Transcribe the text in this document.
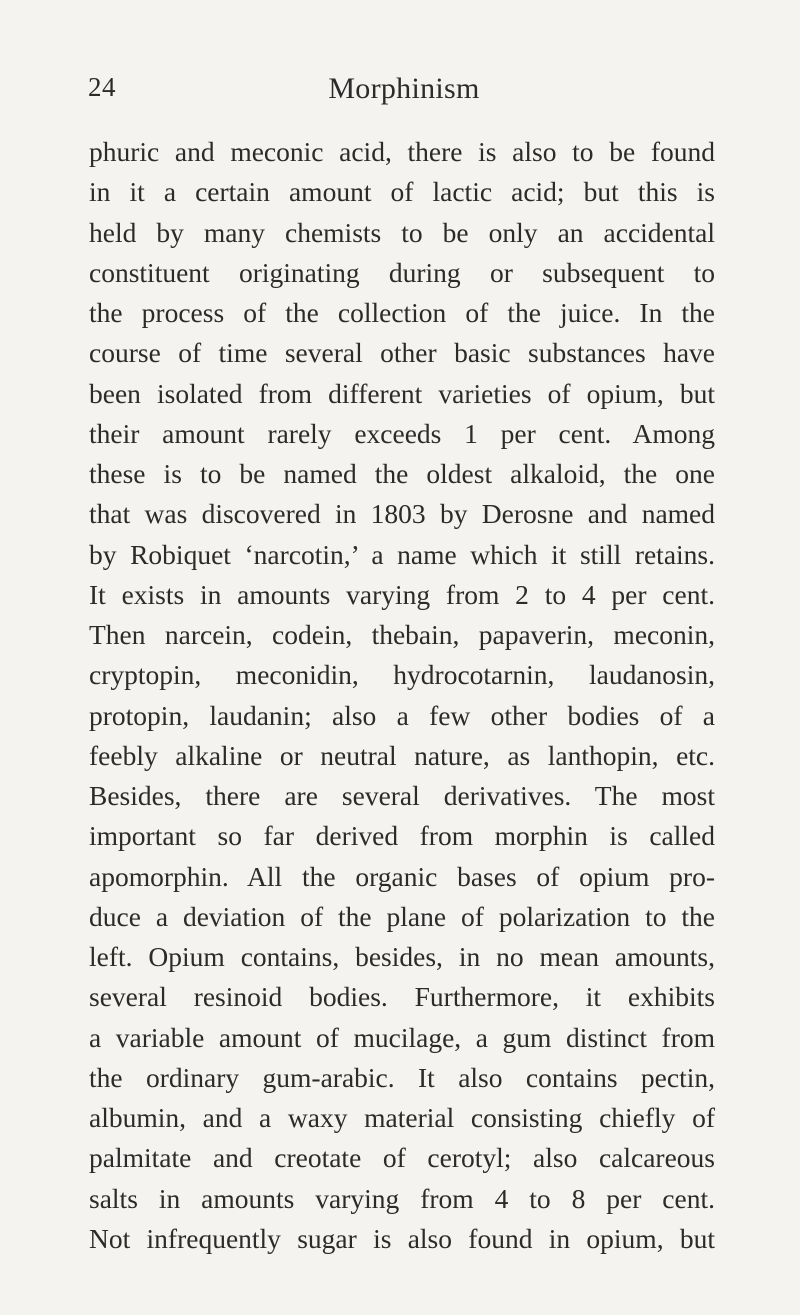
24	Morphinism
phuric and meconic acid, there is also to be found
in it a certain amount of lactic acid; but this is
held by many chemists to be only an accidental
constituent originating during or subsequent to
the process of the collection of the juice. In the
course of time several other basic substances have
been isolated from different varieties of opium, but
their amount rarely exceeds 1 per cent. Among
these is to be named the oldest alkaloid, the one
that was discovered in 1803 by Derosne and named
by Robiquet ‘narcotin,’ a name which it still retains.
It exists in amounts varying from 2 to 4 per cent.
Then narcein, codein, thebain, papaverin, meconin,
cryptopin, meconidin, hydrocotarnin, laudanosin,
protopin, laudanin; also a few other bodies of a
feebly alkaline or neutral nature, as lanthopin, etc.
Besides, there are several derivatives. The most
important so far derived from morphin is called
apomorphin. All the organic bases of opium pro-
duce a deviation of the plane of polarization to the
left. Opium contains, besides, in no mean amounts,
several resinoid bodies. Furthermore, it exhibits
a variable amount of mucilage, a gum distinct from
the ordinary gum-arabic. It also contains pectin,
albumin, and a waxy material consisting chiefly of
palmitate and creotate of cerotyl; also calcareous
salts in amounts varying from 4 to 8 per cent.
Not infrequently sugar is also found in opium, but
